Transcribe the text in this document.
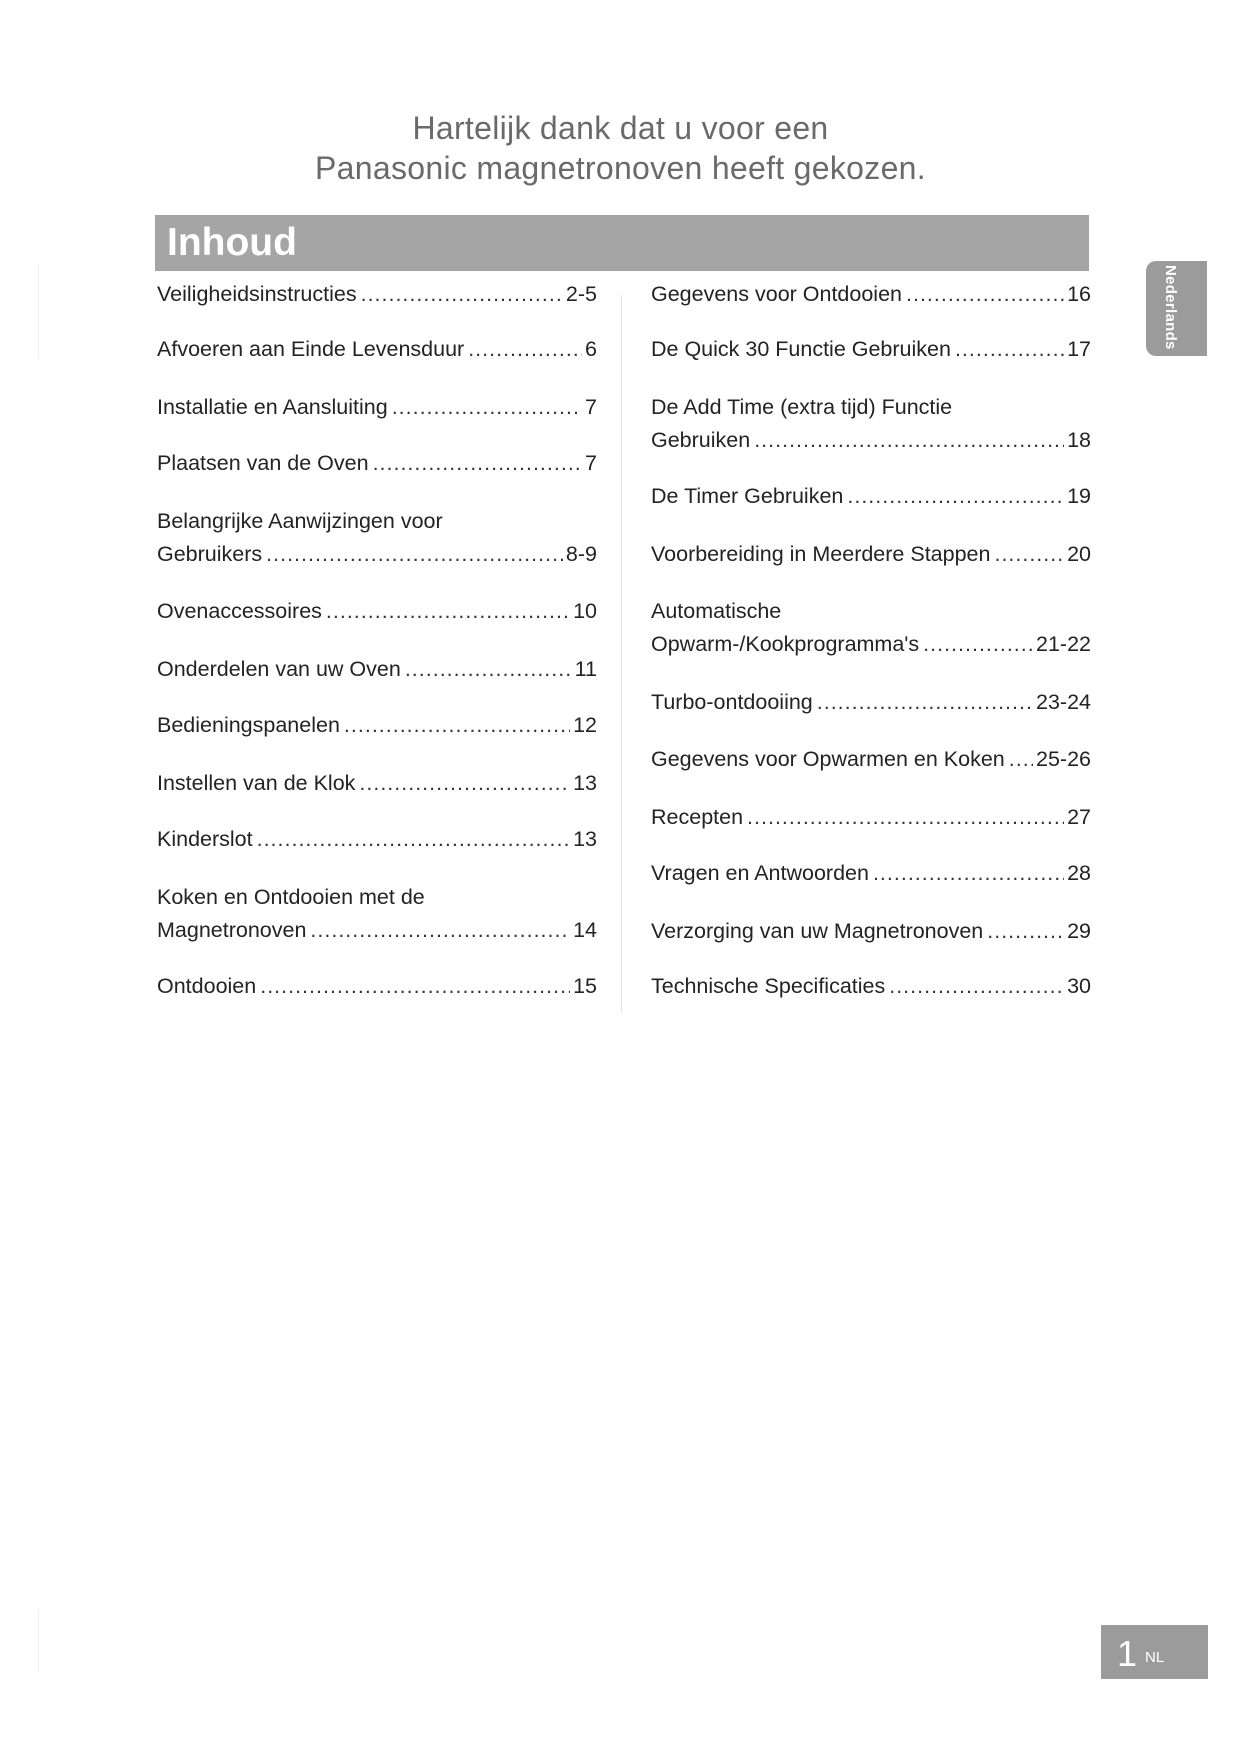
Hartelijk dank dat u voor een
Panasonic magnetronoven heeft gekozen.
Inhoud
Veiligheidsinstructies .....	2-5
Afvoeren aan Einde Levensduur .....	6
Installatie en Aansluiting .....	7
Plaatsen van de Oven .....	7
Belangrijke Aanwijzingen voor
Gebruikers .....	8-9
Ovenaccessoires .....	10
Onderdelen van uw Oven .....	11
Bedieningspanelen .....	12
Instellen van de Klok .....	13
Kinderslot .....	13
Koken en Ontdooien met de
Magnetronoven .....	14
Ontdooien .....	15
Gegevens voor Ontdooien .....	16
De Quick 30 Functie Gebruiken .....	17
De Add Time (extra tijd) Functie
Gebruiken .....	18
De Timer Gebruiken .....	19
Voorbereiding in Meerdere Stappen .....	20
Automatische
Opwarm-/Kookprogramma's .....	21-22
Turbo-ontdooiing .....	23-24
Gegevens voor Opwarmen en Koken ..... 25-26
Recepten .....	27
Vragen en Antwoorden .....	28
Verzorging van uw Magnetronoven .....	29
Technische Specificaties .....	30
Nederlands
1 NL
